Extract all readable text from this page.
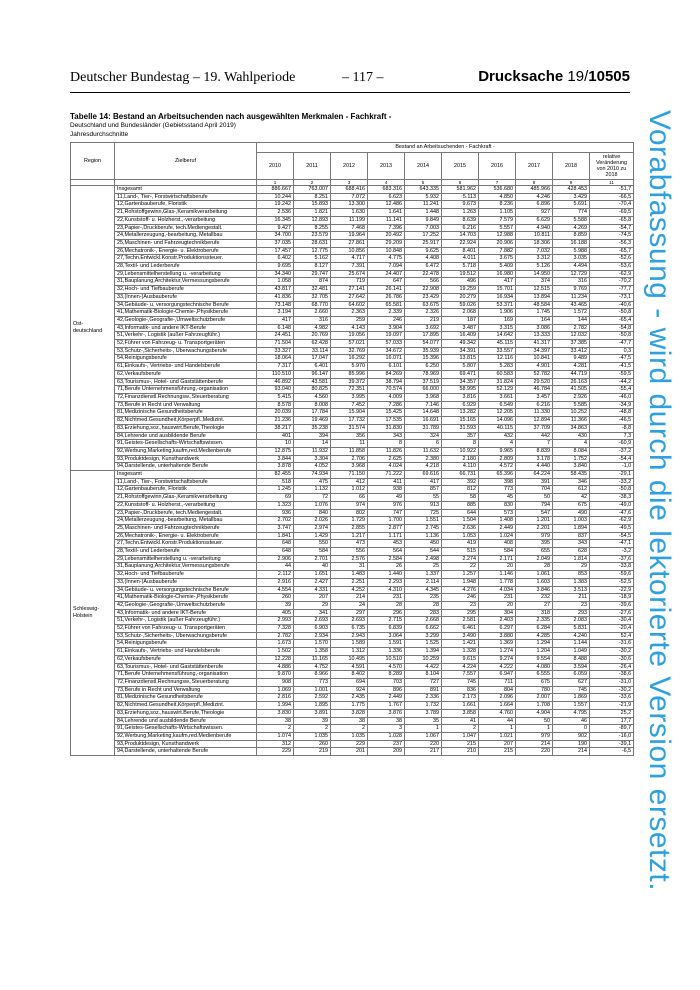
Deutscher Bundestag – 19. Wahlperiode	– 117 –	Drucksache 19/10505
Vorabfassung - wird durch die lektorierte Version ersetzt.
Tabelle 14: Bestand an Arbeitsuchenden nach ausgewählten Merkmalen - Fachkraft -
Deutschland und Bundesländer (Gebietsstand April 2019)
Jahresdurchschnitte
Region	Zielberuf	Bestand an Arbeitsuchenden - Fachkraft -									
		2010	2011	2012	2013	2014	2015	2016	2017	2018	relative Veränderung von 2010 zu 2018

		1	2	3	4	5	6	7	8	9	11
Ost-deutschland	Insgesamt	886.667	763.007	688.416	683.316	643.335	581.962	536.680	485.966	428.453	-51,7
	11,Land-, Tier-, Forstwirtschaftsberufe	10.244	8.251	7.072	6.623	5.932	5.113	4.850	4.246	3.429	-66,5
	12,Gartenbauberufe, Floristik	19.242	15.893	13.300	12.486	11.241	9.673	8.236	6.896	5.691	-70,4
	21,Rohstoffgewinn,Glas-,Keramikverarbeitung	2.536	1.821	1.630	1.641	1.448	1.263	1.105	927	774	-69,5
	22,Kunststoff- u. Holzherst.,-verarbeitung	16.345	12.893	11.199	11.141	9.849	8.639	7.579	6.629	5.588	-65,8
	23,Papier-,Druckberufe, tech.Mediengestalt.	9.427	8.255	7.468	7.396	7.003	6.216	5.557	4.940	4.269	-54,7
	24,Metallerzeugung,-bearbeitung, Metallbau	34.700	23.579	19.964	20.492	17.252	14.703	12.988	10.811	8.859	-74,5
	25,Maschinen- und Fahrzeugtechnikberufe	37.035	28.631	27.861	29.209	25.917	22.924	20.906	18.306	16.188	-56,3
	26,Mechatronik-, Energie- u. Elektroberufe	17.457	12.775	10.856	10.848	9.625	8.401	7.882	7.032	5.988	-65,7
	27,Techn.Entwickl.Konstr.Produktionssteuer.	6.402	5.162	4.717	4.775	4.408	4.011	3.675	3.312	3.035	-52,6
	28,Textil- und Lederberufe	9.695	8.127	7.391	7.094	6.472	5.718	5.409	5.126	4.494	-53,6
	29,Lebensmittelherstellung u. -verarbeitung	34.340	29.747	25.674	24.407	22.478	19.512	16.980	14.950	12.729	-62,9
	31,Bauplanung,Architektur,Vermessungsberufe	1.058	874	719	647	566	496	417	374	316	-70,2
	32,Hoch- und Tiefbauberufe	43.817	32.481	27.141	26.141	22.908	19.259	15.701	12.515	9.769	-77,7
	33,(Innen-)Ausbauberufe	41.836	32.705	27.642	26.786	23.429	20.279	16.934	13.894	11.234	-73,1
	34,Gebäude- u. versorgungstechnische Berufe	73.148	68.770	64.602	65.581	63.675	59.026	53.371	48.584	43.465	-40,6
	41,Mathematik-Biologie-Chemie-,Physikberufe	3.194	2.660	2.363	2.339	2.326	2.068	1.906	1.745	1.572	-50,8
	42,Geologie-,Geografie-,Umweltschutzberufe	417	316	259	246	219	187	169	164	144	-65,4
	43,Informatik- und andere IKT-Berufe	6.148	4.982	4.143	3.904	3.692	3.487	3.315	3.086	2.782	-54,8
	51,Verkehr-, Logistik (außer Fahrzeugführ.)	24.451	20.769	19.056	19.097	17.895	16.409	14.642	13.333	12.032	-50,8
	52,Führer von Fahrzeug- u. Transportgeräten	71.504	62.428	57.021	57.033	54.077	49.342	45.115	41.317	37.385	-47,7
	53,Schutz-,Sicherheits-, Überwachungsberufe	33.327	33.114	32.769	34.672	35.939	34.391	33.557	34.397	33.412	0,3
	54,Reinigungsberufe	18.064	17.047	16.292	16.071	15.396	13.815	12.116	10.841	9.489	-47,5
	61,Einkaufs-, Vertriebs- und Handelsberufe	7.317	6.401	5.970	6.101	6.250	5.807	5.283	4.901	4.281	-41,5
	62,Verkaufsberufe	110.510	96.147	85.996	84.269	78.969	69.471	60.583	52.782	44.719	-59,5
	63,Tourismus-, Hotel- und Gaststättenberufe	46.892	43.581	39.372	38.794	37.519	34.357	31.824	29.520	26.163	-44,2
	71,Berufe Unternehmensführung,-organisation	93.040	80.825	72.351	70.574	66.000	58.995	52.129	46.784	41.505	-55,4
	72,Finanzdienstl.Rechnungsw.,Steuerberatung	5.415	4.560	3.995	4.009	3.968	3.816	3.661	3.457	2.926	-46,0
	73,Berufe in Recht und Verwaltung	8.578	8.008	7.452	7.286	7.146	6.929	6.549	6.216	5.585	-34,9
	81,Medizinische Gesundheitsberufe	20.039	17.784	15.904	15.425	14.648	13.282	12.205	11.330	10.252	-48,8
	82,Nichtmed.Gesundheit,Körperpfl.,Medizint.	21.236	19.469	17.732	17.535	16.691	15.165	14.096	12.894	11.366	-46,5
	83,Erziehung,soz.,hauswirt.Berufe,Theologie	38.217	35.238	31.574	31.830	31.789	31.593	40.115	37.709	34.863	-8,8
	84,Lehrende und ausbildende Berufe	401	394	356	343	324	357	432	442	430	7,3
	91,Geistes-Gesellschafts-Wirtschaftswissen.	10	14	11	8	6	8	4	7	4	-60,9
	92,Werbung,Marketing,kaufm,red.Medienberufe	12.875	11.932	11.858	11.826	11.632	10.922	9.965	8.839	8.084	-37,2
	93,Produktdesign, Kunsthandwerk	3.844	3.304	2.706	2.625	2.380	2.180	2.809	3.178	1.752	-54,4
	94,Darstellende, unterhaltende Berufe	3.878	4.052	3.968	4.024	4.218	4.110	4.572	4.440	3.840	-1,0
Schleswig-Holstein	Insgesamt	82.455	74.934	71.150	71.222	69.616	66.731	65.396	64.224	58.435	-29,1
	11,Land-, Tier-, Forstwirtschaftsberufe	518	475	412	411	417	392	398	391	346	-33,2
	12,Gartenbauberufe, Floristik	1.245	1.132	1.012	938	857	812	773	704	612	-50,8
	21,Rohstoffgewinn,Glas-,Keramikverarbeitung	69	72	66	49	55	58	45	50	42	-38,3
	22,Kunststoff- u. Holzherst.,-verarbeitung	1.323	1.076	974	976	913	885	830	794	675	-49,0
	23,Papier-,Druckberufe, tech.Mediengestalt.	936	840	802	747	725	644	573	547	490	-47,6
	24,Metallerzeugung,-bearbeitung, Metallbau	2.702	2.026	1.729	1.700	1.551	1.504	1.408	1.201	1.003	-62,9
	25,Maschinen- und Fahrzeugtechnikberufe	3.747	2.974	2.855	2.877	2.745	2.636	2.449	2.201	1.894	-49,5
	26,Mechatronik-, Energie- u. Elektroberufe	1.841	1.429	1.217	1.171	1.136	1.053	1.024	979	837	-54,5
	27,Techn.Entwickl.Konstr.Produktionssteuer.	648	550	473	453	450	419	408	395	343	-47,1
	28,Textil- und Lederberufe	648	584	556	564	544	515	584	655	628	-3,2
	29,Lebensmittelherstellung u. -verarbeitung	2.906	2.701	2.576	2.584	2.498	2.274	2.171	2.049	1.814	-37,6
	31,Bauplanung,Architektur,Vermessungsberufe	44	40	31	26	25	22	20	28	29	-33,8
	32,Hoch- und Tiefbauberufe	2.112	1.651	1.483	1.440	1.337	1.257	1.146	1.061	853	-59,6
	33,(Innen-)Ausbauberufe	2.916	2.427	2.251	2.293	2.114	1.948	1.778	1.603	1.383	-52,5
	34,Gebäude- u. versorgungstechnische Berufe	4.554	4.331	4.252	4.310	4.345	4.276	4.034	3.846	3.513	-22,9
	41,Mathematik-Biologie-Chemie-,Physikberufe	260	207	214	231	235	246	231	232	211	-18,9
	42,Geologie-,Geografie-,Umweltschutzberufe	39	29	24	28	28	23	20	27	23	-39,6
	43,Informatik- und andere IKT-Berufe	405	341	297	296	283	295	304	318	293	-27,6
	51,Verkehr-, Logistik (außer Fahrzeugführ.)	2.993	2.693	2.693	2.715	2.668	2.581	2.403	2.335	2.083	-30,4
	52,Führer von Fahrzeug- u. Transportgeräten	7.328	6.903	6.735	6.839	6.662	6.461	6.297	6.284	5.831	-20,4
	53,Schutz-,Sicherheits-, Überwachungsberufe	2.782	2.934	2.943	3.064	3.299	3.490	3.880	4.285	4.240	52,4
	54,Reinigungsberufe	1.673	1.570	1.589	1.591	1.525	1.421	1.369	1.294	1.144	-31,6
	61,Einkaufs-, Vertriebs- und Handelsberufe	1.502	1.358	1.312	1.336	1.394	1.328	1.274	1.204	1.049	-30,2
	62,Verkaufsberufe	12.228	11.165	10.495	10.510	10.259	9.615	9.274	9.554	8.488	-30,6
	63,Tourismus-, Hotel- und Gaststättenberufe	4.886	4.752	4.591	4.570	4.422	4.224	4.222	4.080	3.594	-26,4
	71,Berufe Unternehmensführung,-organisation	9.870	8.966	8.402	8.289	8.104	7.557	6.947	6.555	6.059	-38,6
	72,Finanzdienstl.Rechnungsw.,Steuerberatung	908	773	694	703	727	745	711	675	627	-31,0
	73,Berufe in Recht und Verwaltung	1.069	1.001	924	896	891	836	804	780	745	-30,2
	81,Medizinische Gesundheitsberufe	2.816	2.592	2.435	2.449	2.336	2.173	2.096	2.007	1.869	-33,6
	82,Nichtmed.Gesundheit,Körperpfl.,Medizint.	1.994	1.895	1.775	1.767	1.732	1.661	1.664	1.708	1.557	-21,9
	83,Erziehung,soz.,hauswirt.Berufe,Theologie	3.830	3.891	3.828	3.876	3.789	3.858	4.760	4.904	4.795	25,2
	84,Lehrende und ausbildende Berufe	38	39	38	38	35	41	44	50	46	17,7
	91,Geistes-Gesellschafts-Wirtschaftswissen.	2	2	2	3	1	2	1	1	0	-89,7
	92,Werbung,Marketing,kaufm,red.Medienberufe	1.074	1.035	1.035	1.028	1.067	1.047	1.021	979	902	-16,0
	93,Produktdesign, Kunsthandwerk	312	260	229	237	220	215	207	214	190	-39,1
	94,Darstellende, unterhaltende Berufe	229	219	201	209	217	210	215	220	214	-6,5
